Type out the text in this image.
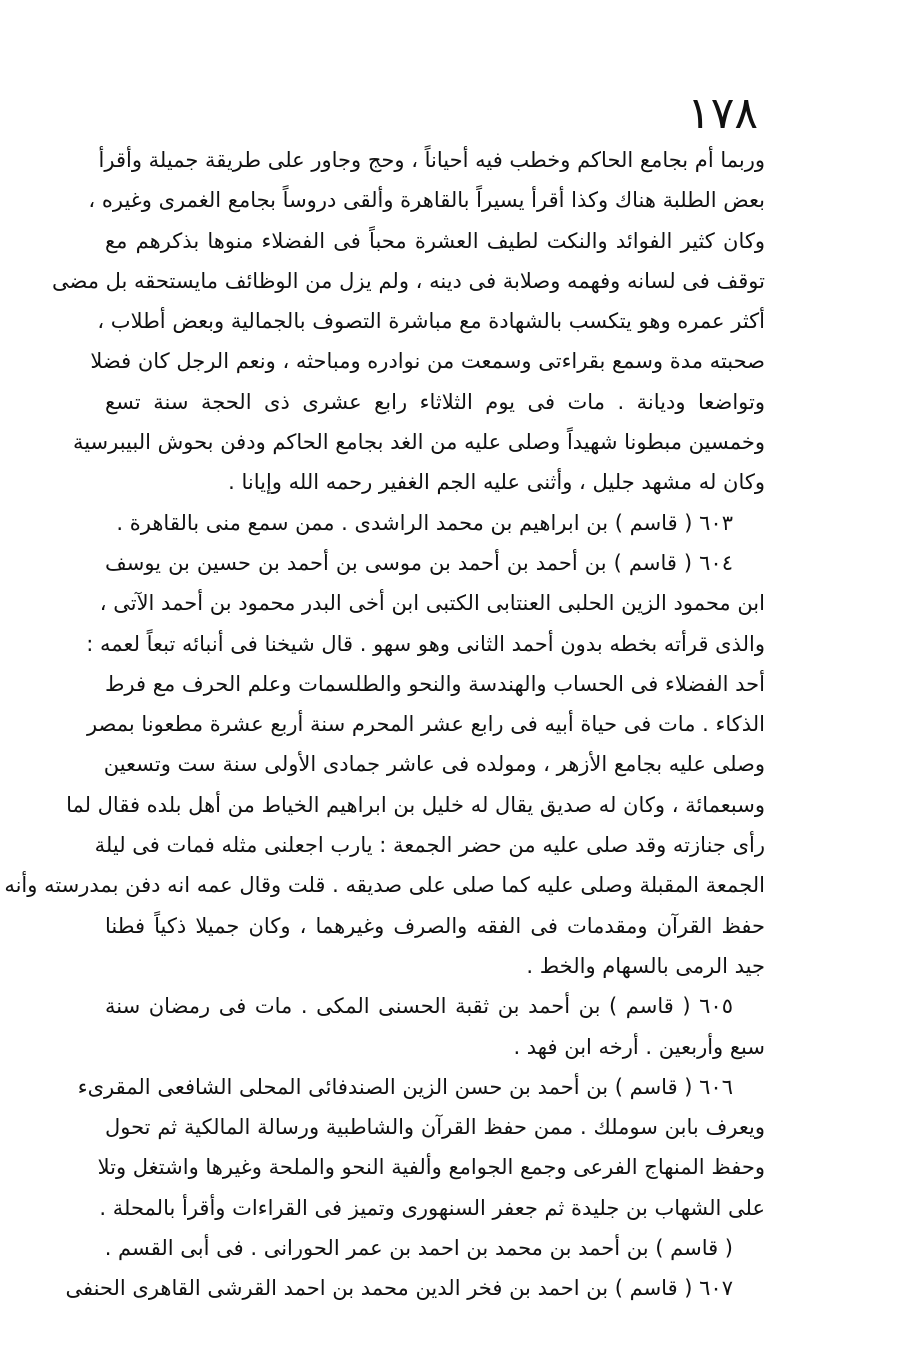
١٧٨
وربما أم بجامع الحاكم وخطب فيه أحياناً ، وحج وجاور على طريقة جميلة وأقرأ
بعض الطلبة هناك وكذا أقرأ يسيراً بالقاهرة وألقى دروساً بجامع الغمرى وغيره ،
وكان كثير الفوائد والنكت لطيف العشرة محباً فى الفضلاء منوها بذكرهم مع
توقف فى لسانه وفهمه وصلابة فى دينه ، ولم يزل من الوظائف مايستحقه بل مضى
أكثر عمره وهو يتكسب بالشهادة مع مباشرة التصوف بالجمالية وبعض أطلاب ،
صحبته مدة وسمع بقراءتى وسمعت من نوادره ومباحثه ، ونعم الرجل كان فضلا
وتواضعا وديانة . مات فى يوم الثلاثاء رابع عشرى ذى الحجة سنة تسع
وخمسين مبطونا شهيداً وصلى عليه من الغد بجامع الحاكم ودفن بحوش البيبرسية
وكان له مشهد جليل ، وأثنى عليه الجم الغفير رحمه الله وإيانا .
٦٠٣ ( قاسم ) بن ابراهيم بن محمد الراشدى . ممن سمع منى بالقاهرة .
٦٠٤ ( قاسم ) بن أحمد بن أحمد بن موسى بن أحمد بن حسين بن يوسف
ابن محمود الزين الحلبى العنتابى الكتبى ابن أخى البدر محمود بن أحمد الآتى ،
والذى قرأته بخطه بدون أحمد الثانى وهو سهو . قال شيخنا فى أنبائه تبعاً لعمه :
أحد الفضلاء فى الحساب والهندسة والنحو والطلسمات وعلم الحرف مع فرط
الذكاء . مات فى حياة أبيه فى رابع عشر المحرم سنة أربع عشرة مطعونا بمصر
وصلى عليه بجامع الأزهر ، ومولده فى عاشر جمادى الأولى سنة ست وتسعين
وسبعمائة ، وكان له صديق يقال له خليل بن ابراهيم الخياط من أهل بلده فقال لما
رأى جنازته وقد صلى عليه من حضر الجمعة : يارب اجعلنى مثله فمات فى ليلة
الجمعة المقبلة وصلى عليه كما صلى على صديقه . قلت وقال عمه انه دفن بمدرسته وأنه
حفظ القرآن ومقدمات فى الفقه والصرف وغيرهما ، وكان جميلا ذكياً فطنا
جيد الرمى بالسهام والخط .
٦٠٥ ( قاسم ) بن أحمد بن ثقبة الحسنى المكى . مات فى رمضان سنة
سبع وأربعين . أرخه ابن فهد .
٦٠٦ ( قاسم ) بن أحمد بن حسن الزين الصندفائى المحلى الشافعى المقرىء
ويعرف بابن سوملك . ممن حفظ القرآن والشاطبية ورسالة المالكية ثم تحول
وحفظ المنهاج الفرعى وجمع الجوامع وألفية النحو والملحة وغيرها واشتغل وتلا
على الشهاب بن جليدة ثم جعفر السنهورى وتميز فى القراءات وأقرأ بالمحلة .
( قاسم ) بن أحمد بن محمد بن احمد بن عمر الحورانى . فى أبى القسم .
٦٠٧ ( قاسم ) بن احمد بن فخر الدين محمد بن احمد القرشى القاهرى الحنفى
